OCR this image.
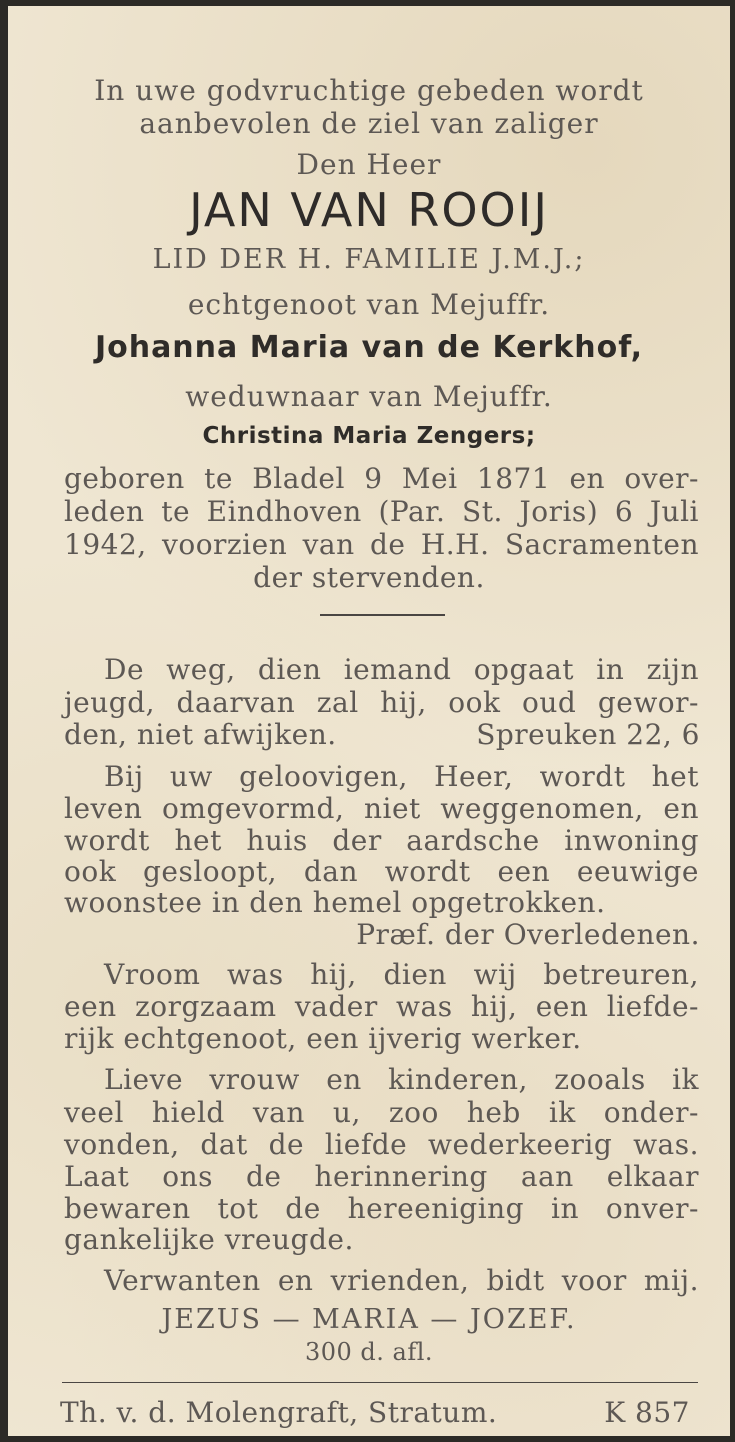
In uwe godvruchtige gebeden wordt
aanbevolen de ziel van zaliger
Den Heer
JAN VAN ROOIJ
LID DER H. FAMILIE J.M.J.;
echtgenoot van Mejuffr.
Johanna Maria van de Kerkhof,
weduwnaar van Mejuffr.
Christina Maria Zengers;
geboren te Bladel 9 Mei 1871 en over-
leden te Eindhoven (Par. St. Joris) 6 Juli
1942, voorzien van de H.H. Sacramenten
der stervenden.
De weg, dien iemand opgaat in zijn
jeugd, daarvan zal hij, ook oud gewor-
den, niet afwijken.	Spreuken 22, 6
Bij uw geloovigen, Heer, wordt het
leven omgevormd, niet weggenomen, en
wordt het huis der aardsche inwoning
ook gesloopt, dan wordt een eeuwige
woonstee in den hemel opgetrokken.
Præf. der Overledenen.
Vroom was hij, dien wij betreuren,
een zorgzaam vader was hij, een liefde-
rijk echtgenoot, een ijverig werker.
Lieve vrouw en kinderen, zooals ik
veel hield van u, zoo heb ik onder-
vonden, dat de liefde wederkeerig was.
Laat ons de herinnering aan elkaar
bewaren tot de hereeniging in onver-
gankelijke vreugde.
Verwanten en vrienden, bidt voor mij.
JEZUS — MARIA — JOZEF.
300 d. afl.
Th. v. d. Molengraft, Stratum.	K 857
